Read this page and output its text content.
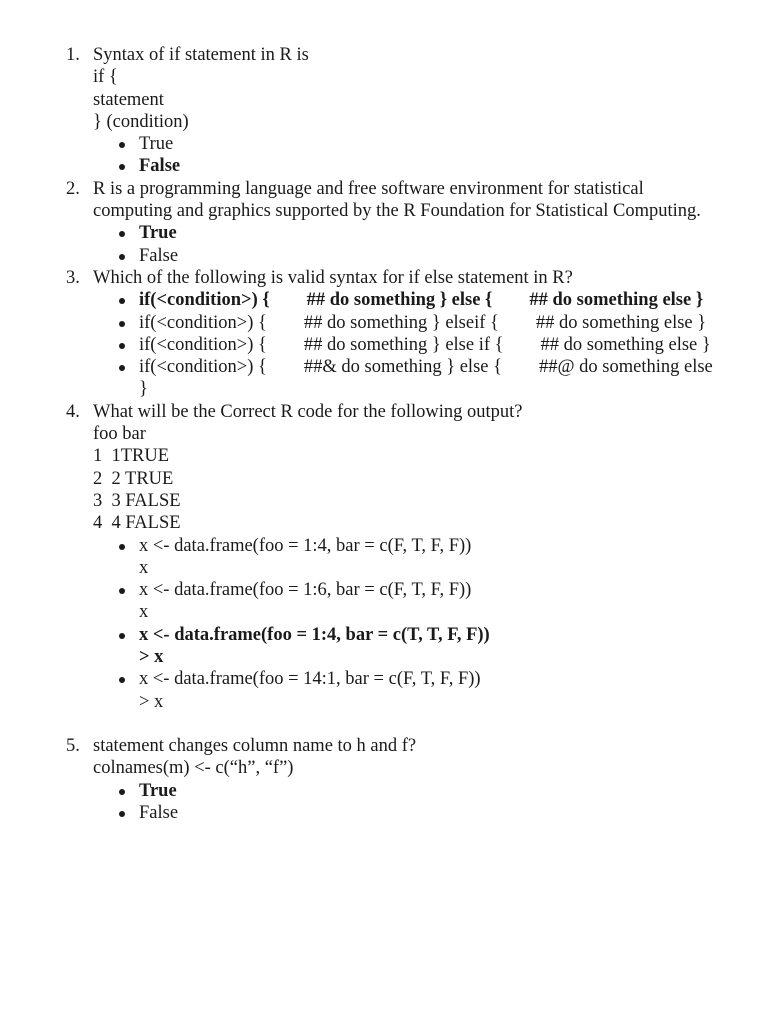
1. Syntax of if statement in R is
if {
statement
} (condition)
True
False
2. R is a programming language and free software environment for statistical computing and graphics supported by the R Foundation for Statistical Computing.
True
False
3. Which of the following is valid syntax for if else statement in R?
if(<condition>) {        ## do something } else {        ## do something else }
if(<condition>) {        ## do something } elseif {        ## do something else }
if(<condition>) {        ## do something } else if {        ## do something else }
if(<condition>) {        ##& do something } else {        ##@ do something else }
4. What will be the Correct R code for the following output?
foo bar
1  1TRUE
2  2 TRUE
3  3 FALSE
4  4 FALSE
x <- data.frame(foo = 1:4, bar = c(F, T, F, F))
x
x <- data.frame(foo = 1:6, bar = c(F, T, F, F))
x
x <- data.frame(foo = 1:4, bar = c(T, T, F, F))
> x
x <- data.frame(foo = 14:1, bar = c(F, T, F, F))
> x
5. statement changes column name to h and f?
colnames(m) <- c(“h”, “f”)
True
False
